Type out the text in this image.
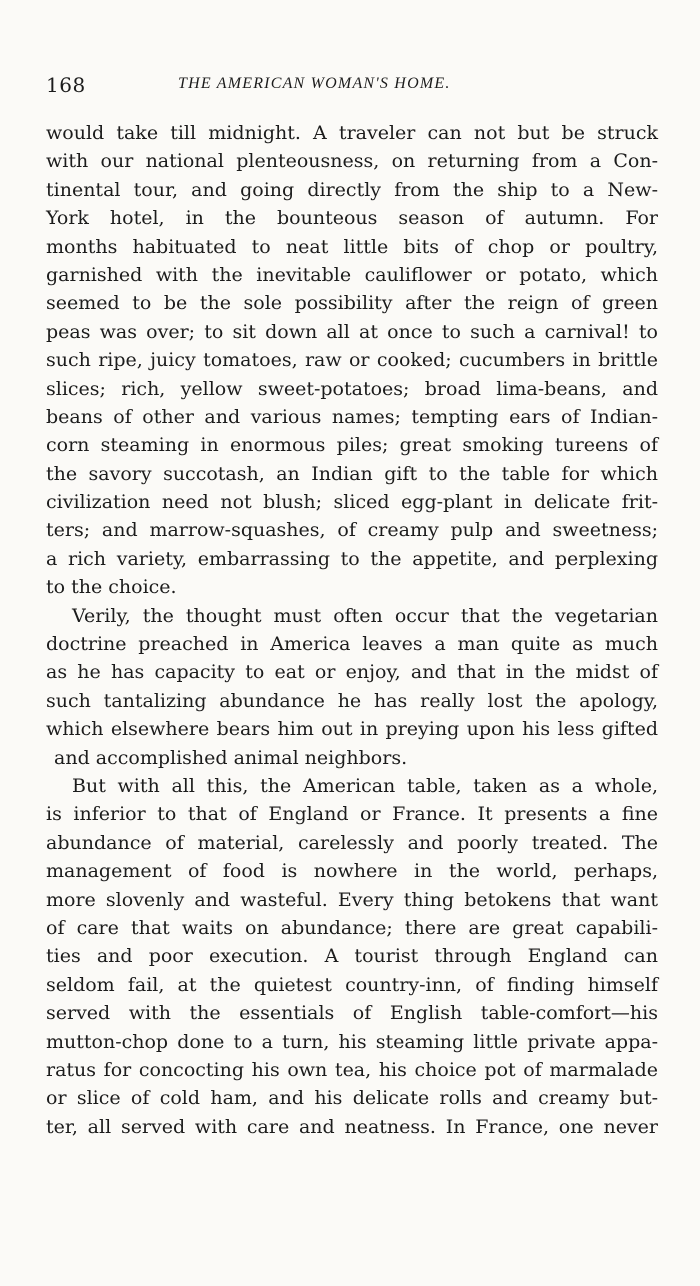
168	THE AMERICAN WOMAN'S HOME.
would take till midnight. A traveler can not but be struck
with our national plenteousness, on returning from a Con-
tinental tour, and going directly from the ship to a New-
York hotel, in the bounteous season of autumn. For
months habituated to neat little bits of chop or poultry,
garnished with the inevitable cauliflower or potato, which
seemed to be the sole possibility after the reign of green
peas was over; to sit down all at once to such a carnival! to
such ripe, juicy tomatoes, raw or cooked; cucumbers in brittle
slices; rich, yellow sweet-potatoes; broad lima-beans, and
beans of other and various names; tempting ears of Indian-
corn steaming in enormous piles; great smoking tureens of
the savory succotash, an Indian gift to the table for which
civilization need not blush; sliced egg-plant in delicate frit-
ters; and marrow-squashes, of creamy pulp and sweetness;
a rich variety, embarrassing to the appetite, and perplexing
to the choice.
Verily, the thought must often occur that the vegetarian
doctrine preached in America leaves a man quite as much
as he has capacity to eat or enjoy, and that in the midst of
such tantalizing abundance he has really lost the apology,
which elsewhere bears him out in preying upon his less gifted
and accomplished animal neighbors.
But with all this, the American table, taken as a whole,
is inferior to that of England or France. It presents a fine
abundance of material, carelessly and poorly treated. The
management of food is nowhere in the world, perhaps,
more slovenly and wasteful. Every thing betokens that want
of care that waits on abundance; there are great capabili-
ties and poor execution. A tourist through England can
seldom fail, at the quietest country-inn, of finding himself
served with the essentials of English table-comfort—his
mutton-chop done to a turn, his steaming little private appa-
ratus for concocting his own tea, his choice pot of marmalade
or slice of cold ham, and his delicate rolls and creamy but-
ter, all served with care and neatness. In France, one never
